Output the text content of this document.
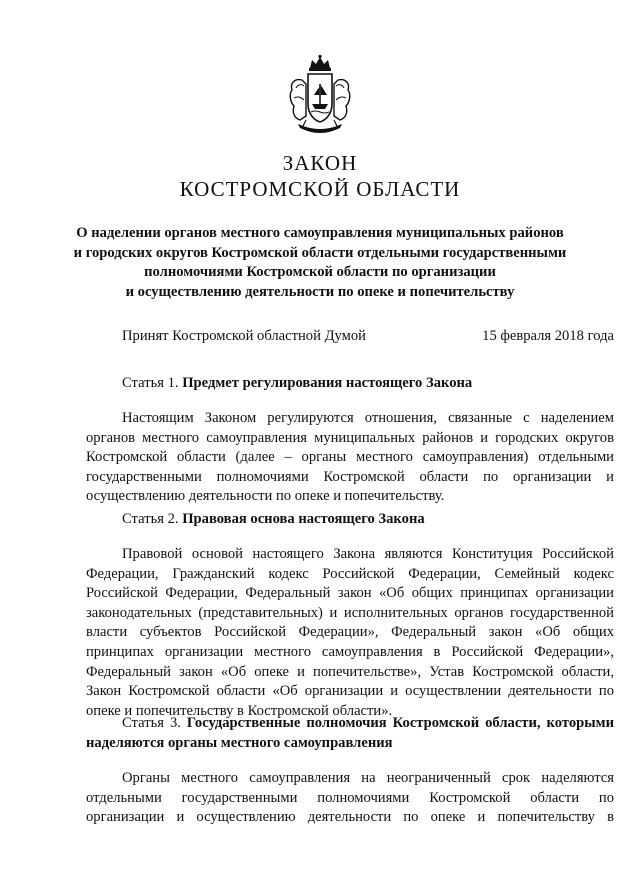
ЗАКОН
КОСТРОМСКОЙ ОБЛАСТИ
О наделении органов местного самоуправления муниципальных районов
и городских округов Костромской области отдельными государственными
полномочиями Костромской области по организации
и осуществлению деятельности по опеке и попечительству
Принят Костромской областной Думой	15 февраля 2018 года
Статья 1. Предмет регулирования настоящего Закона
Настоящим Законом регулируются отношения, связанные с наделением
органов местного самоуправления муниципальных районов и городских округов
Костромской области (далее – органы местного самоуправления) отдельными
государственными полномочиями Костромской области по организации и
осуществлению деятельности по опеке и попечительству.
Статья 2. Правовая основа настоящего Закона
Правовой основой настоящего Закона являются Конституция Российской
Федерации, Гражданский кодекс Российской Федерации, Семейный кодекс
Российской Федерации, Федеральный закон «Об общих принципах организации
законодательных (представительных) и исполнительных органов государственной
власти субъектов Российской Федерации», Федеральный закон «Об общих
принципах организации местного самоуправления в Российской Федерации»,
Федеральный закон «Об опеке и попечительстве», Устав Костромской области,
Закон Костромской области «Об организации и осуществлении деятельности по
опеке и попечительству в Костромской области».
Статья 3. Государственные полномочия Костромской области, которыми
наделяются органы местного самоуправления
Органы местного самоуправления на неограниченный срок наделяются
отдельными государственными полномочиями Костромской области по
организации и осуществлению деятельности по опеке и попечительству в
